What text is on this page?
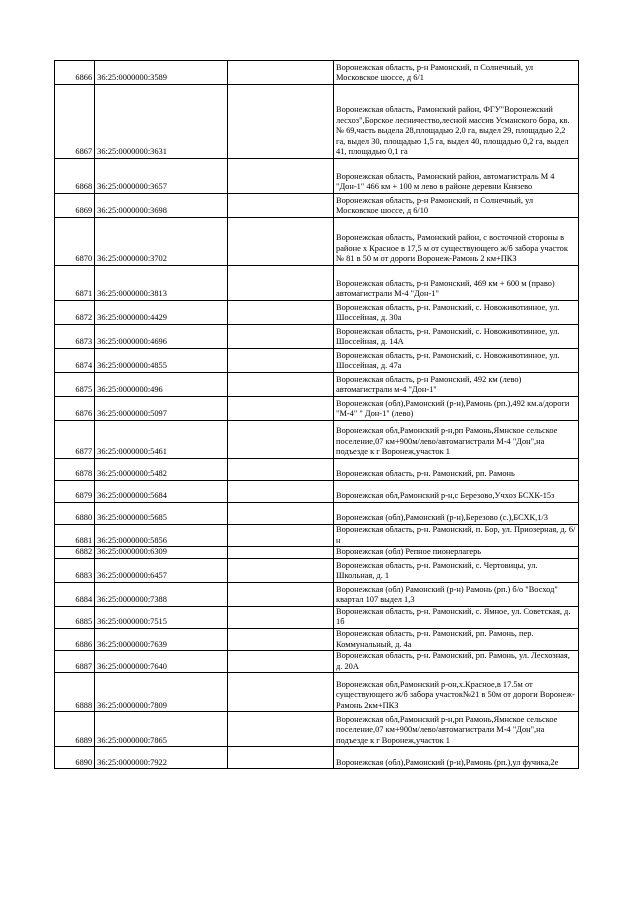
6866	36:25:0000000:3589		Воронежская область, р-н Рамонский, п Солнечный, ул Московское шоссе, д 6/1
6867	36:25:0000000:3631		Воронежская область, Рамонский район, ФГУ"Воронежский лесхоз",Борское лесничество,лесной массив Усманского бора, кв. № 69,часть выдела 28,площадью 2,0 га, выдел 29, площадью 2,2 га, выдел 30, площадью 1,5 га, выдел 40, площадью 0,2 га, выдел 41, площадью 0,1 га
6868	36:25:0000000:3657		Воронежская область, Рамонский район, автомагистраль М 4 "Дон-1" 466 км + 100 м лево в районе деревни Князево
6869	36:25:0000000:3698		Воронежская область, р-н Рамонский, п Солнечный, ул Московское шоссе, д 6/10
6870	36:25:0000000:3702		Воронежская область, Рамонский район, с восточной стороны в районе х Красное в 17,5 м от существующего ж/б забора участок № 81 в 50 м от дороги Воронеж-Рамонь 2 км+ПКЗ
6871	36:25:0000000:3813		Воронежская область, р-н Рамонский, 469 км + 600 м (право) автомагистрали М-4 "Дон-1"
6872	36:25:0000000:4429		Воронежская область, р-н. Рамонский, с. Новоживотинное, ул. Шоссейная, д. 30а
6873	36:25:0000000:4696		Воронежская область, р-н. Рамонский, с. Новоживотинное, ул. Шоссейная, д. 14А
6874	36:25:0000000:4855		Воронежская область, р-н. Рамонский, с. Новоживотинное, ул. Шоссейная, д. 47а
6875	36:25:0000000:496		Воронежская область, р-н Рамонский, 492 км (лево) автомагистрали м-4 "Дон-1"
6876	36:25:0000000:5097		Воронежская (обл),Рамонский (р-н),Рамонь (рп.),492 км.а/дороги "М-4" " Дон-1" (лево)
6877	36:25:0000000:5461		Воронежская обл,Рамонский р-н,рп Рамонь,Ямнское сельское поселение,07 км+900м/лево/автомагистрали М-4 "Дон",на подъезде к г Воронеж,участок 1
6878	36:25:0000000:5482		Воронежская область, р-н. Рамонский, рп. Рамонь
6879	36:25:0000000:5684		Воронежская обл,Рамонский р-н,с Березово,Учхоз БСХК-15з
6880	36:25:0000000:5685		Воронежская (обл),Рамонский (р-н),Березово (с.),БСХК,1/3
6881	36:25:0000000:5856		Воронежская область, р-н. Рамонский, п. Бор, ул. Приозерная, д. 6/н
6882	36:25:0000000:6309		Воронежская (обл) Репное пионерлагерь
6883	36:25:0000000:6457		Воронежская область, р-н. Рамонский, с. Чертовицы, ул. Школьная, д. 1
6884	36:25:0000000:7388		Воронежская (обл) Рамонский (р-н) Рамонь (рп.) б/о "Восход" квартал 107 выдел 1,3
6885	36:25:0000000:7515		Воронежская область, р-н. Рамонский, с. Ямное, ул. Советская, д. 1б
6886	36:25:0000000:7639		Воронежская область, р-н. Рамонский, рп. Рамонь, пер. Коммунальный, д. 4а
6887	36:25:0000000:7640		Воронежская область, р-н. Рамонский, рп. Рамонь, ул. Лесхозная, д. 20А
6888	36:25:0000000:7809		Воронежская обл,Рамонский р-он,х.Красное,в 17.5м от существующего ж/б забора участок№21 в 50м от дороги Воронеж-Рамонь 2км+ПКЗ
6889	36:25:0000000:7865		Воронежская обл,Рамонский р-н,рп Рамонь,Ямнское сельское поселение,07 км+900м/лево/автомагистрали М-4 "Дон",на подъезде к г Воронеж,участок 1
6890	36:25:0000000:7922		Воронежская (обл),Рамонский (р-н),Рамонь (рп.),ул фучика,2е
